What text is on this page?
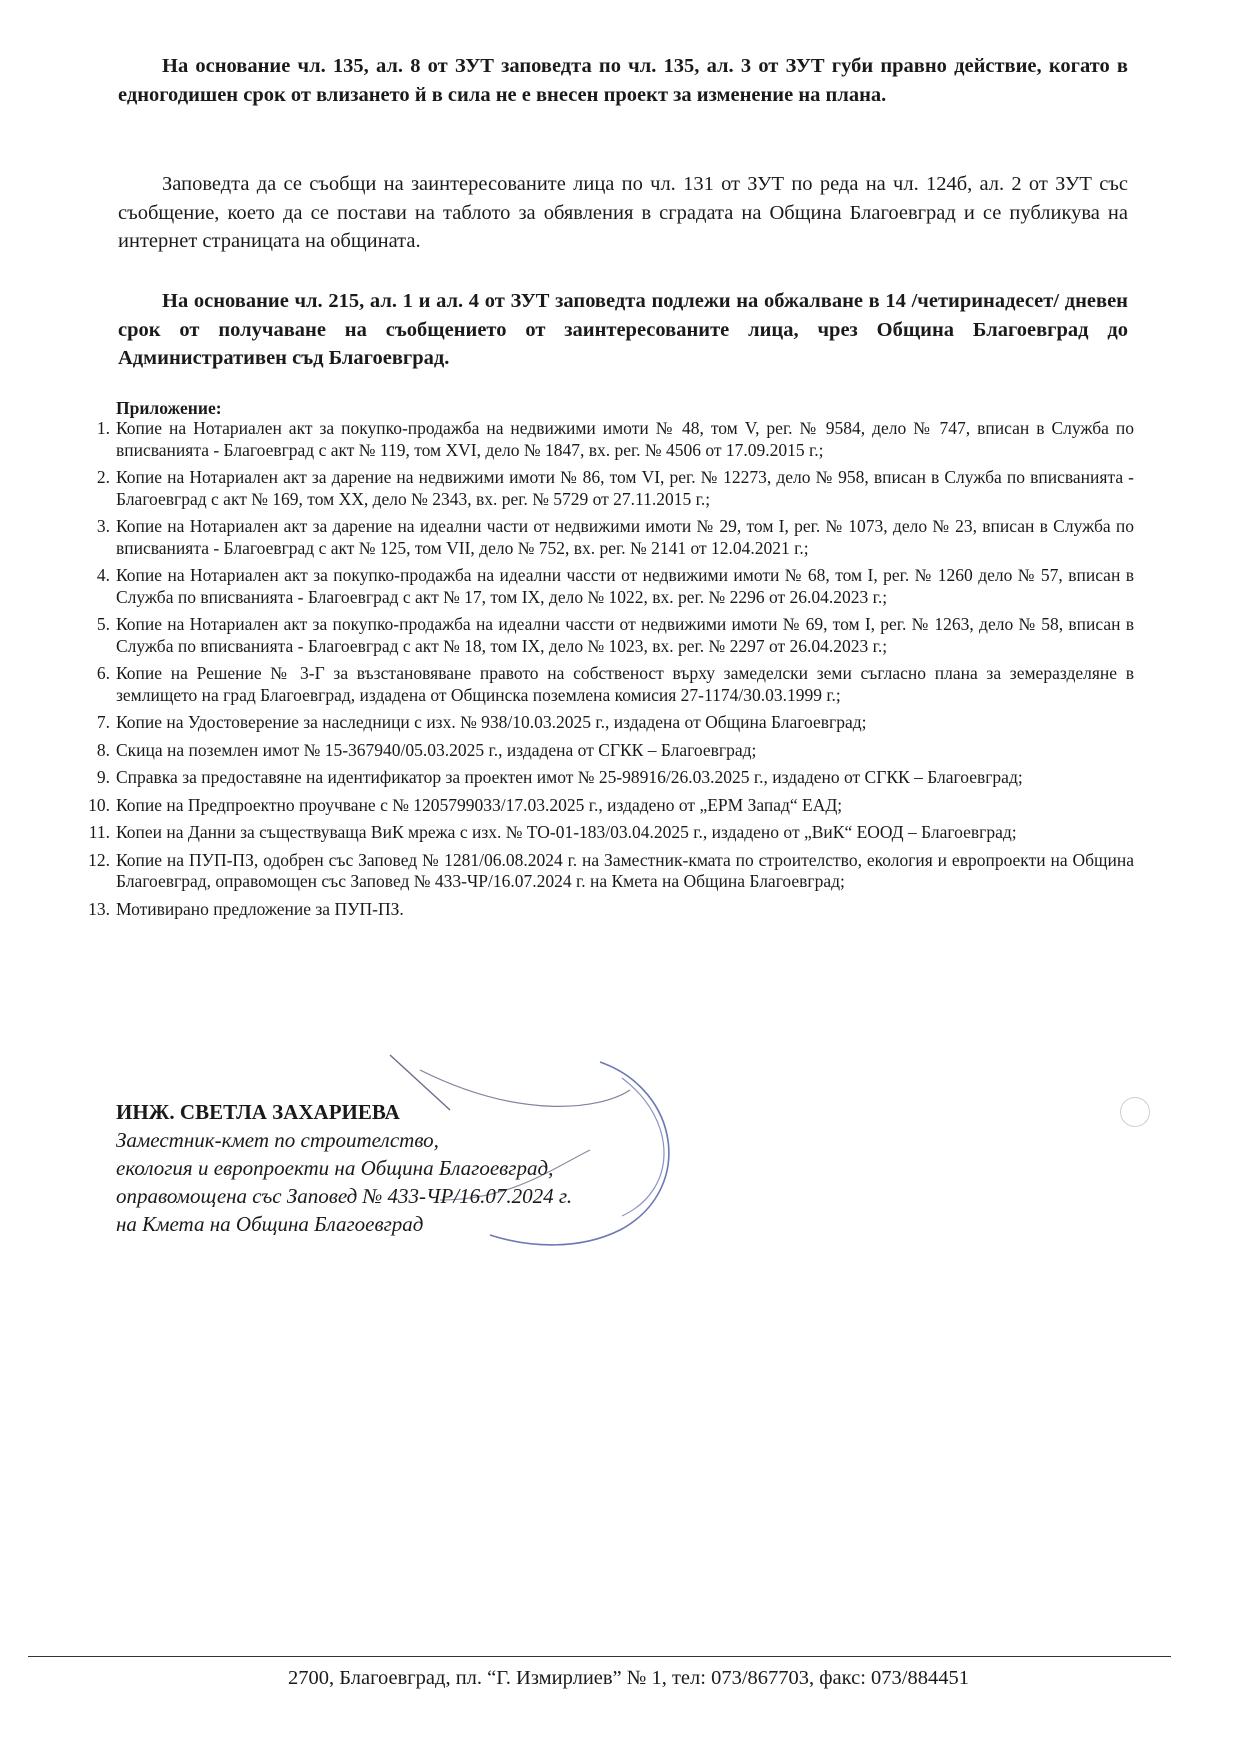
На основание чл. 135, ал. 8 от ЗУТ заповедта по чл. 135, ал. 3 от ЗУТ губи правно действие, когато в едногодишен срок от влизането й в сила не е внесен проект за изменение на плана.

Заповедта да се съобщи на заинтересованите лица по чл. 131 от ЗУТ по реда на чл. 124б, ал. 2 от ЗУТ със съобщение, което да се постави на таблото за обявления в сградата на Община Благоевград и се публикува на интернет страницата на общината.

На основание чл. 215, ал. 1 и ал. 4 от ЗУТ заповедта подлежи на обжалване в 14 /четиринадесет/ дневен срок от получаване на съобщението от заинтересованите лица, чрез Община Благоевград до Административен съд Благоевград.

Приложение:

1. Копие на Нотариален акт за покупко-продажба на недвижими имоти № 48, том V, рег. № 9584, дело № 747, вписан в Служба по вписванията - Благоевград с акт № 119, том XVI, дело № 1847, вх. рег. № 4506 от 17.09.2015 г.;
2. Копие на Нотариален акт за дарение на недвижими имоти № 86, том VI, рег. № 12273, дело № 958, вписан в Служба по вписванията - Благоевград с акт № 169, том XX, дело № 2343, вх. рег. № 5729 от 27.11.2015 г.;
3. Копие на Нотариален акт за дарение на идеални части от недвижими имоти № 29, том I, рег. № 1073, дело № 23, вписан в Служба по вписванията - Благоевград с акт № 125, том VII, дело № 752, вх. рег. № 2141 от 12.04.2021 г.;
4. Копие на Нотариален акт за покупко-продажба на идеални чассти от недвижими имоти № 68, том I, рег. № 1260 дело № 57, вписан в Служба по вписванията - Благоевград с акт № 17, том IX, дело № 1022, вх. рег. № 2296 от 26.04.2023 г.;
5. Копие на Нотариален акт за покупко-продажба на идеални чассти от недвижими имоти № 69, том I, рег. № 1263, дело № 58, вписан в Служба по вписванията - Благоевград с акт № 18, том IX, дело № 1023, вх. рег. № 2297 от 26.04.2023 г.;
6. Копие на Решение № 3-Г за възстановяване правото на собственост върху замеделски земи съгласно плана за земеразделяне в землището на град Благоевград, издадена от Общинска поземлена комисия 27-1174/30.03.1999 г.;
7. Копие на Удостоверение за наследници с изх. № 938/10.03.2025 г., издадена от Община Благоевград;
8. Скица на поземлен имот № 15-367940/05.03.2025 г., издадена от СГКК – Благоевград;
9. Справка за предоставяне на идентификатор за проектен имот № 25-98916/26.03.2025 г., издадено от СГКК – Благоевград;
10. Копие на Предпроектно проучване с № 1205799033/17.03.2025 г., издадено от „ЕРМ Запад“ ЕАД;
11. Копеи на Данни за съществуваща ВиК мрежа с изх. № ТО-01-183/03.04.2025 г., издадено от „ВиК“ ЕООД – Благоевград;
12. Копие на ПУП-ПЗ, одобрен със Заповед № 1281/06.08.2024 г. на Заместник-кмата по строителство, екология и европроекти на Община Благоевград, оправомощен със Заповед № 433-ЧР/16.07.2024 г. на Кмета на Община Благоевград;
13. Мотивирано предложение за ПУП-ПЗ.
ИНЖ. СВЕТЛА ЗАХАРИЕВА
Заместник-кмет по строителство,
екология и европроекти на Община Благоевград,
оправомощена със Заповед № 433-ЧР/16.07.2024 г.
на Кмета на Община Благоевград

2700, Благоевград, пл. “Г. Измирлиев” № 1, тел: 073/867703, факс: 073/884451
